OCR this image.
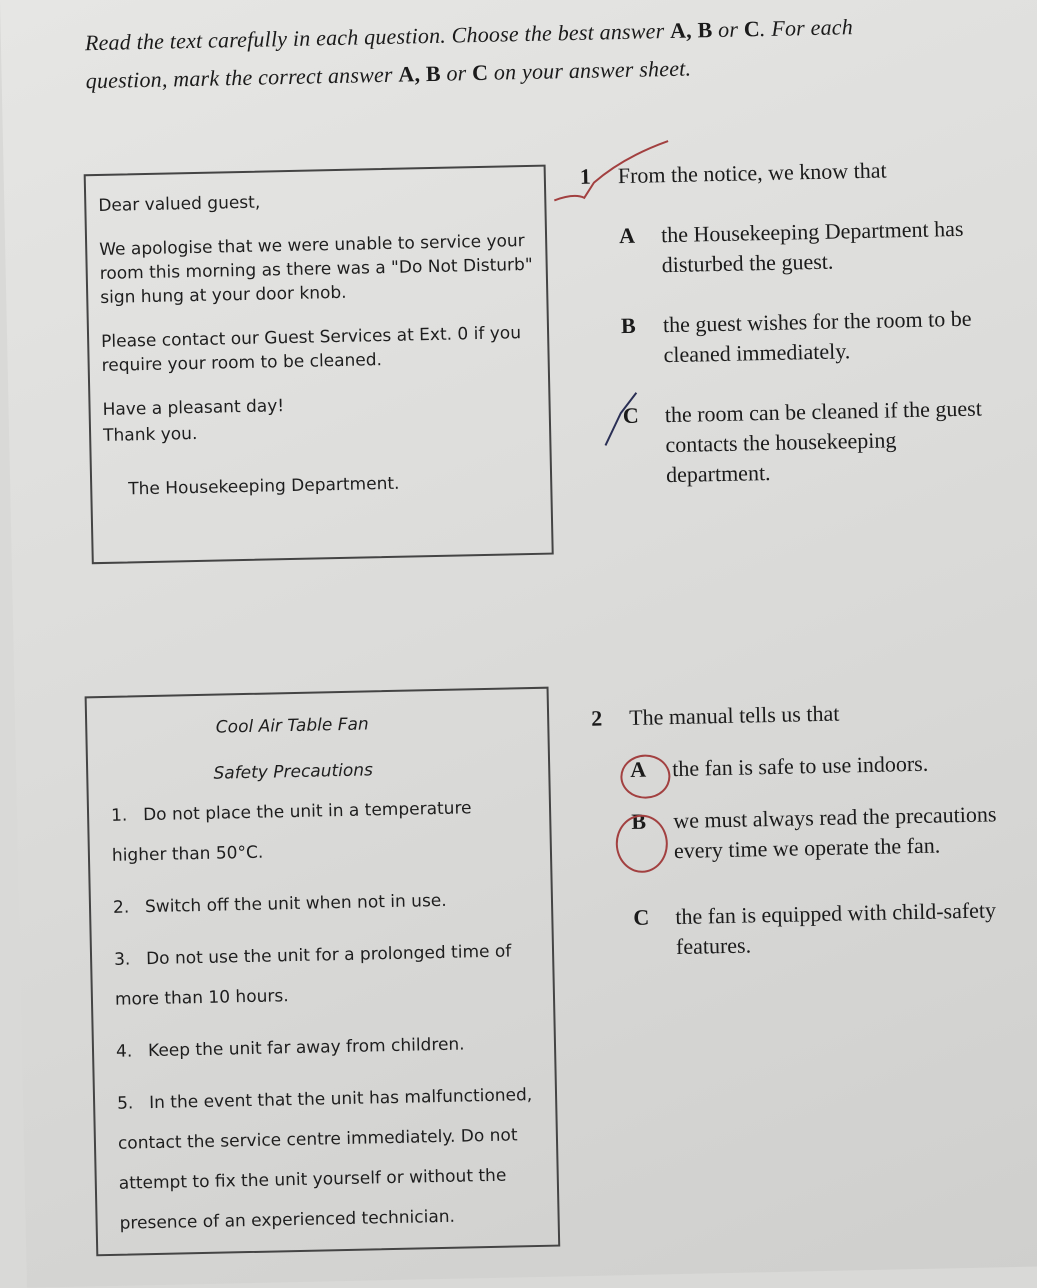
Read the text carefully in each question. Choose the best answer A, B or C. For each
question, mark the correct answer A, B or C on your answer sheet.

Dear valued guest,

We apologise that we were unable to service your room this morning as there was a "Do Not Disturb" sign hung at your door knob.

Please contact our Guest Services at Ext. 0 if you require your room to be cleaned.

Have a pleasant day!

Thank you.

The Housekeeping Department.

1 From the notice, we know that
A the Housekeeping Department has disturbed the guest.
B the guest wishes for the room to be cleaned immediately.
C the room can be cleaned if the guest contacts the housekeeping department.

Cool Air Table Fan

Safety Precautions

1. Do not place the unit in a temperature higher than 50°C.

2. Switch off the unit when not in use.

3. Do not use the unit for a prolonged time of more than 10 hours.

4. Keep the unit far away from children.

5. In the event that the unit has malfunctioned, contact the service centre immediately. Do not attempt to fix the unit yourself or without the presence of an experienced technician.

2 The manual tells us that
A the fan is safe to use indoors.
B we must always read the precautions every time we operate the fan.
C the fan is equipped with child-safety features.
